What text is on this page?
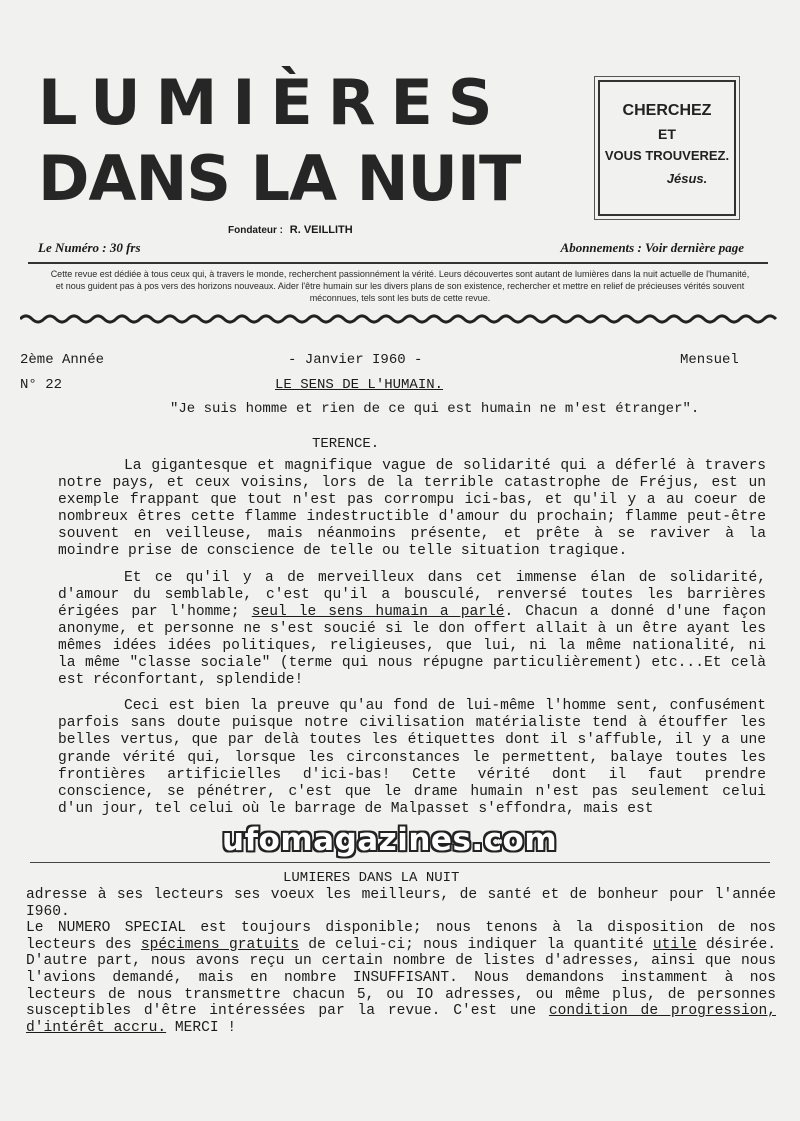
LUMIÈRES
DANS LA NUIT
CHERCHEZ
ET
VOUS TROUVEREZ.
Jésus.
Fondateur : R. VEILLITH
Le Numéro : 30 frs	Abonnements : Voir dernière page
Cette revue est dédiée à tous ceux qui, à travers le monde, recherchent passionnément la vérité. Leurs découvertes sont autant de lumières dans la nuit actuelle de l'humanité, et nous guident pas à pos vers des horizons nouveaux. Aider l'être humain sur les divers plans de son existence, rechercher et mettre en relief de précieuses vérités souvent méconnues, tels sont les buts de cette revue.
2ème Année	- Janvier I960 -	Mensuel
N° 22	LE SENS DE L'HUMAIN.
"Je suis homme et rien de ce qui est humain ne m'est étranger".
TERENCE.

La gigantesque et magnifique vague de solidarité qui a déferlé à travers notre pays, et ceux voisins, lors de la terrible catastrophe de Fréjus, est un exemple frappant que tout n'est pas corrompu ici-bas, et qu'il y a au coeur de nombreux êtres cette flamme indestructible d'amour du prochain; flamme peut-être souvent en veilleuse, mais néanmoins présente, et prête à se raviver à la moindre prise de conscience de telle ou telle situation tragique.

Et ce qu'il y a de merveilleux dans cet immense élan de solidarité, d'amour du semblable, c'est qu'il a bousculé, renversé toutes les barrières érigées par l'homme; seul le sens humain a parlé. Chacun a donné d'une façon anonyme, et personne ne s'est soucié si le don offert allait à un être ayant les mêmes idées idées politiques, religieuses, que lui, ni la même nationalité, ni la même "classe sociale" (terme qui nous répugne particulièrement) etc...Et celà est réconfortant, splendide!

Ceci est bien la preuve qu'au fond de lui-même l'homme sent, confusément parfois sans doute puisque notre civilisation matérialiste tend à étouffer les belles vertus, que par delà toutes les étiquettes dont il s'affuble, il y a une grande vérité qui, lorsque les circonstances le permettent, balaye toutes les frontières artificielles d'ici-bas! Cette vérité dont il faut prendre conscience, se pénétrer, c'est que le drame humain n'est pas seulement celui d'un jour, tel celui où le barrage de Malpasset s'effondra, mais est

ufomagazines.com
LUMIERES DANS LA NUIT

adresse à ses lecteurs ses voeux les meilleurs, de santé et de bonheur pour l'année I960.

Le NUMERO SPECIAL est toujours disponible; nous tenons à la disposition de nos lecteurs des spécimens gratuits de celui-ci; nous indiquer la quantité utile désirée. D'autre part, nous avons reçu un certain nombre de listes d'adresses, ainsi que nous l'avions demandé, mais en nombre INSUFFISANT. Nous demandons instamment à nos lecteurs de nous transmettre chacun 5, ou IO adresses, ou même plus, de personnes susceptibles d'être intéressées par la revue. C'est une condition de progression, d'intérêt accru. MERCI !
